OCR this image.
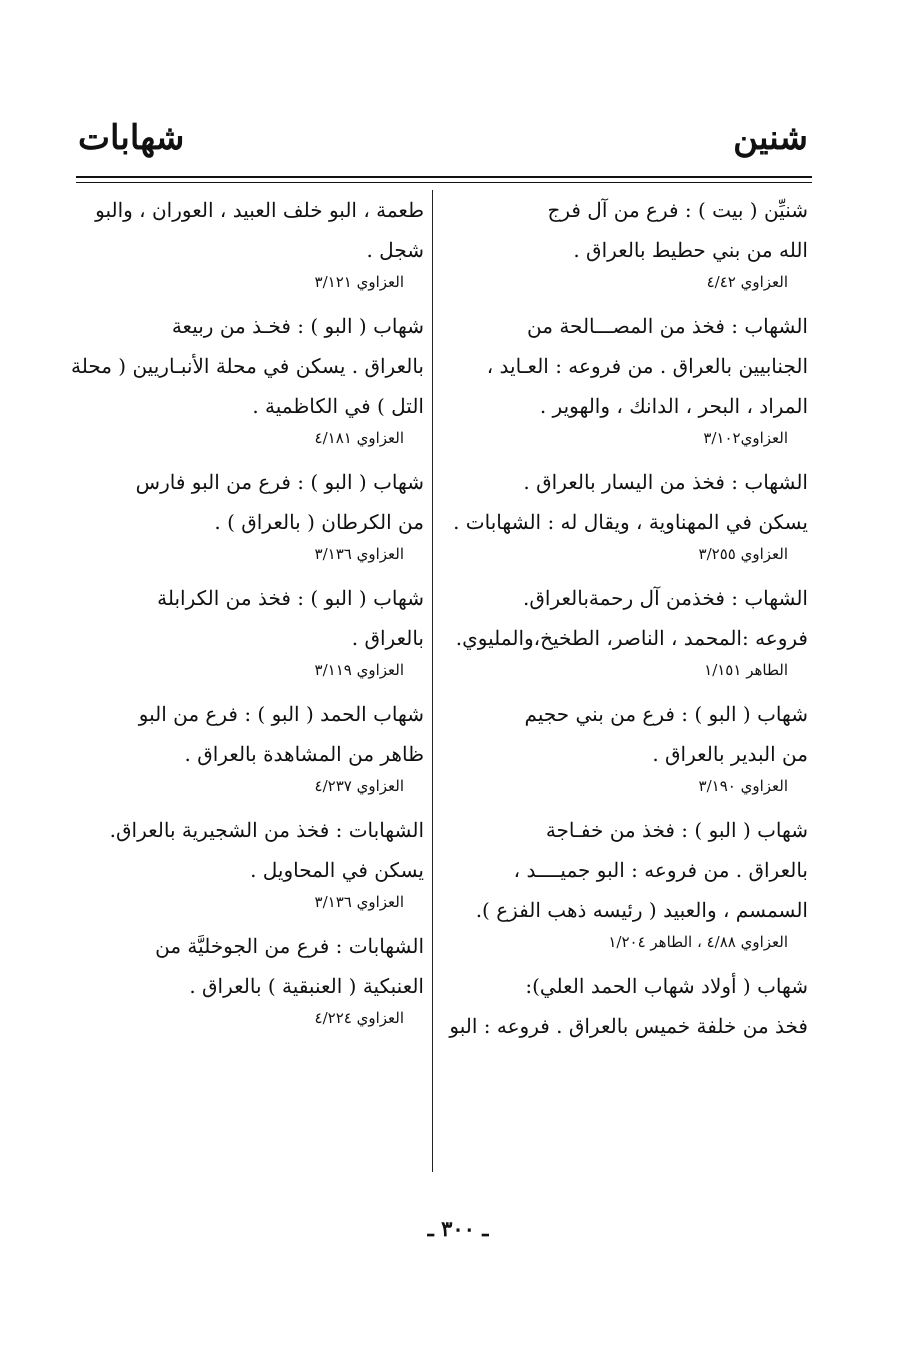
شنين
شهابات
شنيِّن ( بيت ) : فرع من آل فرج
الله من بني حطيط بالعراق .
العزاوي ٤/٤٢
الشهاب : فخذ من المصـــالحة من
الجنابيين بالعراق . من فروعه : العـايد ،
المراد ، البحر ، الدانك ، والهوير .
العزاوي٣/١٠٢
الشهاب : فخذ من اليسار بالعراق .
يسكن في المهناوية ، ويقال له : الشهابات .
العزاوي ٣/٢٥٥
الشهاب : فخذمن آل رحمةبالعراق.
فروعه :المحمد ، الناصر، الطخيخ،والمليوي.
الطاهر ١/١٥١
شهاب ( البو ) : فرع من بني حجيم
من البدير بالعراق .
العزاوي ٣/١٩٠
شهاب ( البو ) : فخذ من خفـاجة
بالعراق . من فروعه : البو جميــــد ،
السمسم ، والعبيد ( رئيسه ذهب الفزع ).
العزاوي ٤/٨٨ ، الطاهر ١/٢٠٤
شهاب ( أولاد شهاب الحمد العلي):
فخذ من خلفة خميس بالعراق . فروعه : البو
طعمة ، البو خلف العبيد ، العوران ، والبو
شجل .
العزاوي ٣/١٢١
شهاب ( البو ) : فخـذ من ربيعة
بالعراق . يسكن في محلة الأنبـاريين ( محلة
التل ) في الكاظمية .
العزاوي ٤/١٨١
شهاب ( البو ) : فرع من البو فارس
من الكرطان ( بالعراق ) .
العزاوي ٣/١٣٦
شهاب ( البو ) : فخذ من الكرابلة
بالعراق .
العزاوي ٣/١١٩
شهاب الحمد ( البو ) : فرع من البو
ظاهر من المشاهدة بالعراق .
العزاوي ٤/٢٣٧
الشهابات : فخذ من الشجيرية بالعراق.
يسكن في المحاويل .
العزاوي ٣/١٣٦
الشهابات : فرع من الجوخليَّة من
العنبكية ( العنبقية ) بالعراق .
العزاوي ٤/٢٢٤
ـ ٣٠٠ ـ
